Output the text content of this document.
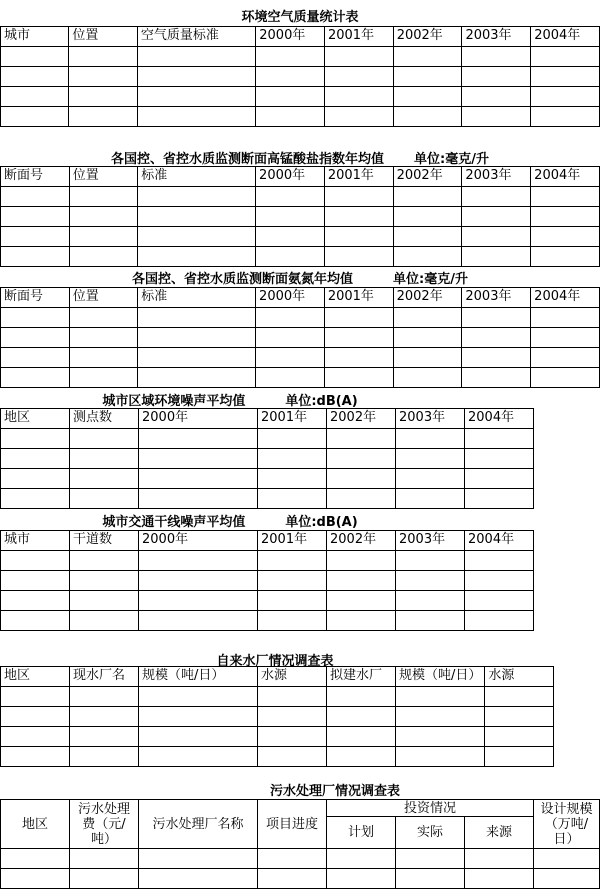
环境空气质量统计表
城市	位置	空气质量标准	2000年	2001年	2002年	2003年	2004年

各国控、省控水质监测断面高锰酸盐指数年均值 单位:毫克/升
断面号	位置	标准	2000年	2001年	2002年	2003年	2004年

各国控、省控水质监测断面氨氮年均值	单位:毫克/升
断面号	位置	标准	2000年	2001年	2002年	2003年	2004年

城市区域环境噪声平均值	单位:dB(A)
地区	测点数	2000年	2001年	2002年	2003年	2004年

城市交通干线噪声平均值	单位:dB(A)
城市	干道数	2000年	2001年	2002年	2003年	2004年

自来水厂情况调查表
地区	现水厂名	规模（吨/日）	水源	拟建水厂	规模（吨/日）	水源

污水处理厂情况调查表
地区	污水处理费（元/吨）	污水处理厂名称	项目进度	投资情况			设计规模（万吨/日）
				计划	实际	来源	
